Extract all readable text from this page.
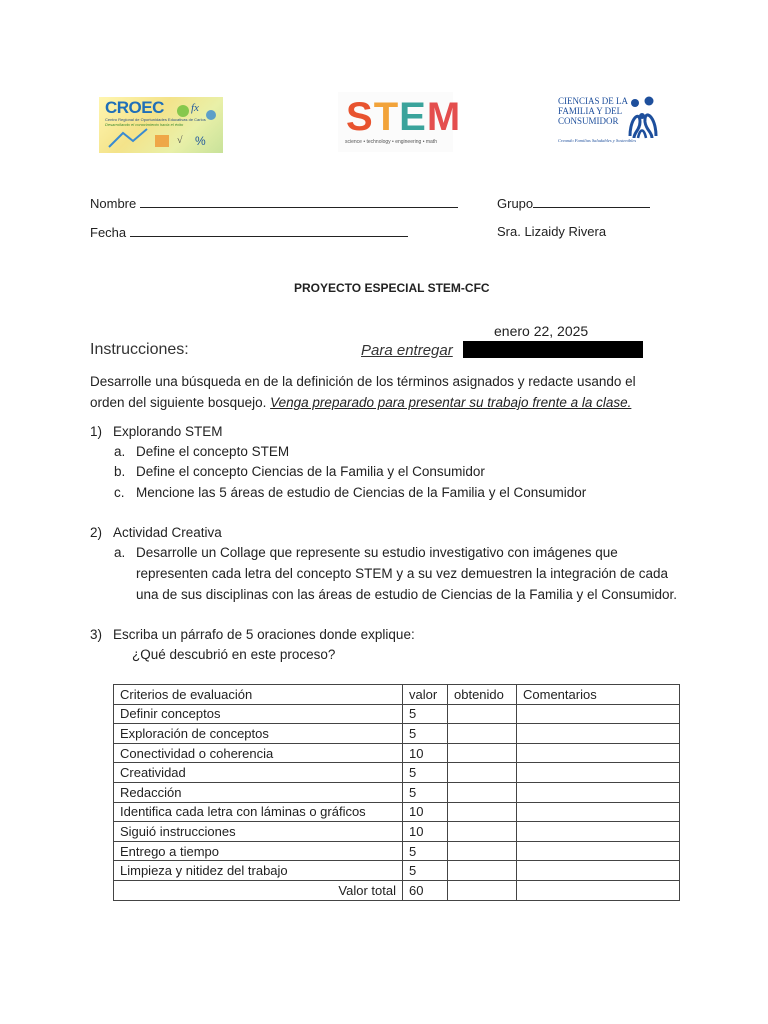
CROEC
Centro Regional de Oportunidades Educativas de Carlos
Desarrollando el conocimiento hacia el éxito
fx
%
√
STEM
science • technology • engineering • math
CIENCIAS DE LA
FAMILIA Y DEL
CONSUMIDOR
Creando Familias Saludables y Sostenibles
Nombre	Grupo
Fecha	Sra. Lizaidy Rivera
PROYECTO ESPECIAL STEM-CFC
enero 22, 2025
Instrucciones:	Para entregar
Desarrolle una búsqueda en de la definición de los términos asignados y redacte usando el orden del siguiente bosquejo. Venga preparado para presentar su trabajo frente a la clase.
1) Explorando STEM
a. Define el concepto STEM
b. Define el concepto Ciencias de la Familia y el Consumidor
c. Mencione las 5 áreas de estudio de Ciencias de la Familia y el Consumidor
2) Actividad Creativa
a. Desarrolle un Collage que represente su estudio investigativo con imágenes que
representen cada letra del concepto STEM y a su vez demuestren la integración de cada
una de sus disciplinas con las áreas de estudio de Ciencias de la Familia y el Consumidor.
3) Escriba un párrafo de 5 oraciones donde explique:
¿Qué descubrió en este proceso?
Criterios de evaluación	valor	obtenido	Comentarios
Definir conceptos	5		
Exploración de conceptos	5		
Conectividad o coherencia	10		
Creatividad	5		
Redacción	5		
Identifica cada letra con láminas o gráficos	10		
Siguió instrucciones	10		
Entrego a tiempo	5		
Limpieza y nitidez del trabajo	5		
Valor total	60		
